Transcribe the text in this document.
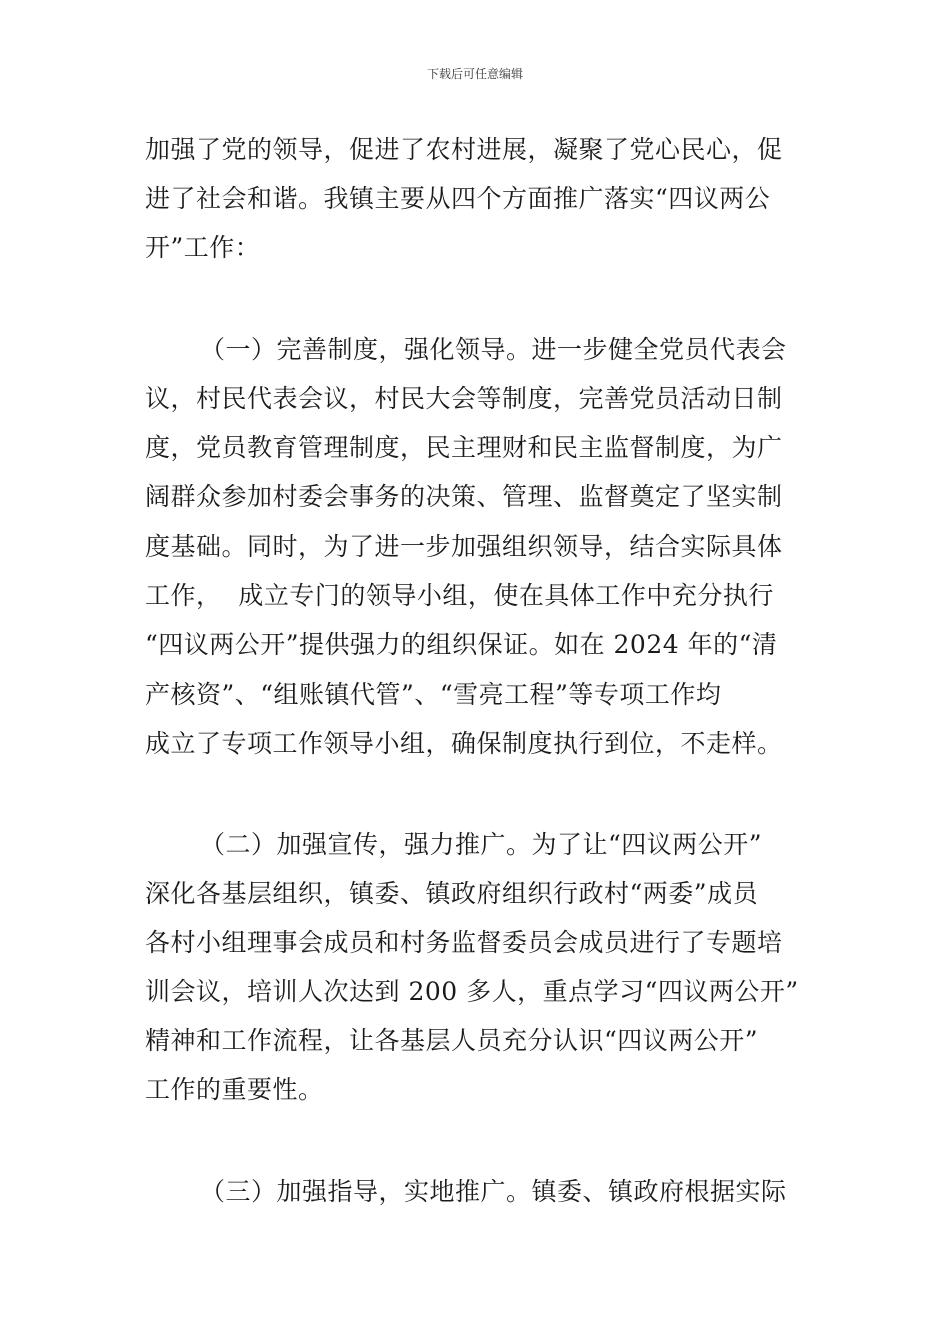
下载后可任意编辑
加强了党的领导，促进了农村进展，凝聚了党心民心，促
进了社会和谐。我镇主要从四个方面推广落实“四议两公
开”工作：
（一）完善制度，强化领导。进一步健全党员代表会
议，村民代表会议，村民大会等制度，完善党员活动日制
度，党员教育管理制度，民主理财和民主监督制度，为广
阔群众参加村委会事务的决策、管理、监督奠定了坚实制
度基础。同时，为了进一步加强组织领导，结合实际具体
工作，  成立专门的领导小组，使在具体工作中充分执行
“四议两公开”提供强力的组织保证。如在 2024 年的“清
产核资”、“组账镇代管”、“雪亮工程”等专项工作均
成立了专项工作领导小组，确保制度执行到位，不走样。
（二）加强宣传，强力推广。为了让“四议两公开”
深化各基层组织，镇委、镇政府组织行政村“两委”成员
各村小组理事会成员和村务监督委员会成员进行了专题培
训会议，培训人次达到 200 多人，重点学习“四议两公开”
精神和工作流程，让各基层人员充分认识“四议两公开”
工作的重要性。
（三）加强指导，实地推广。镇委、镇政府根据实际
